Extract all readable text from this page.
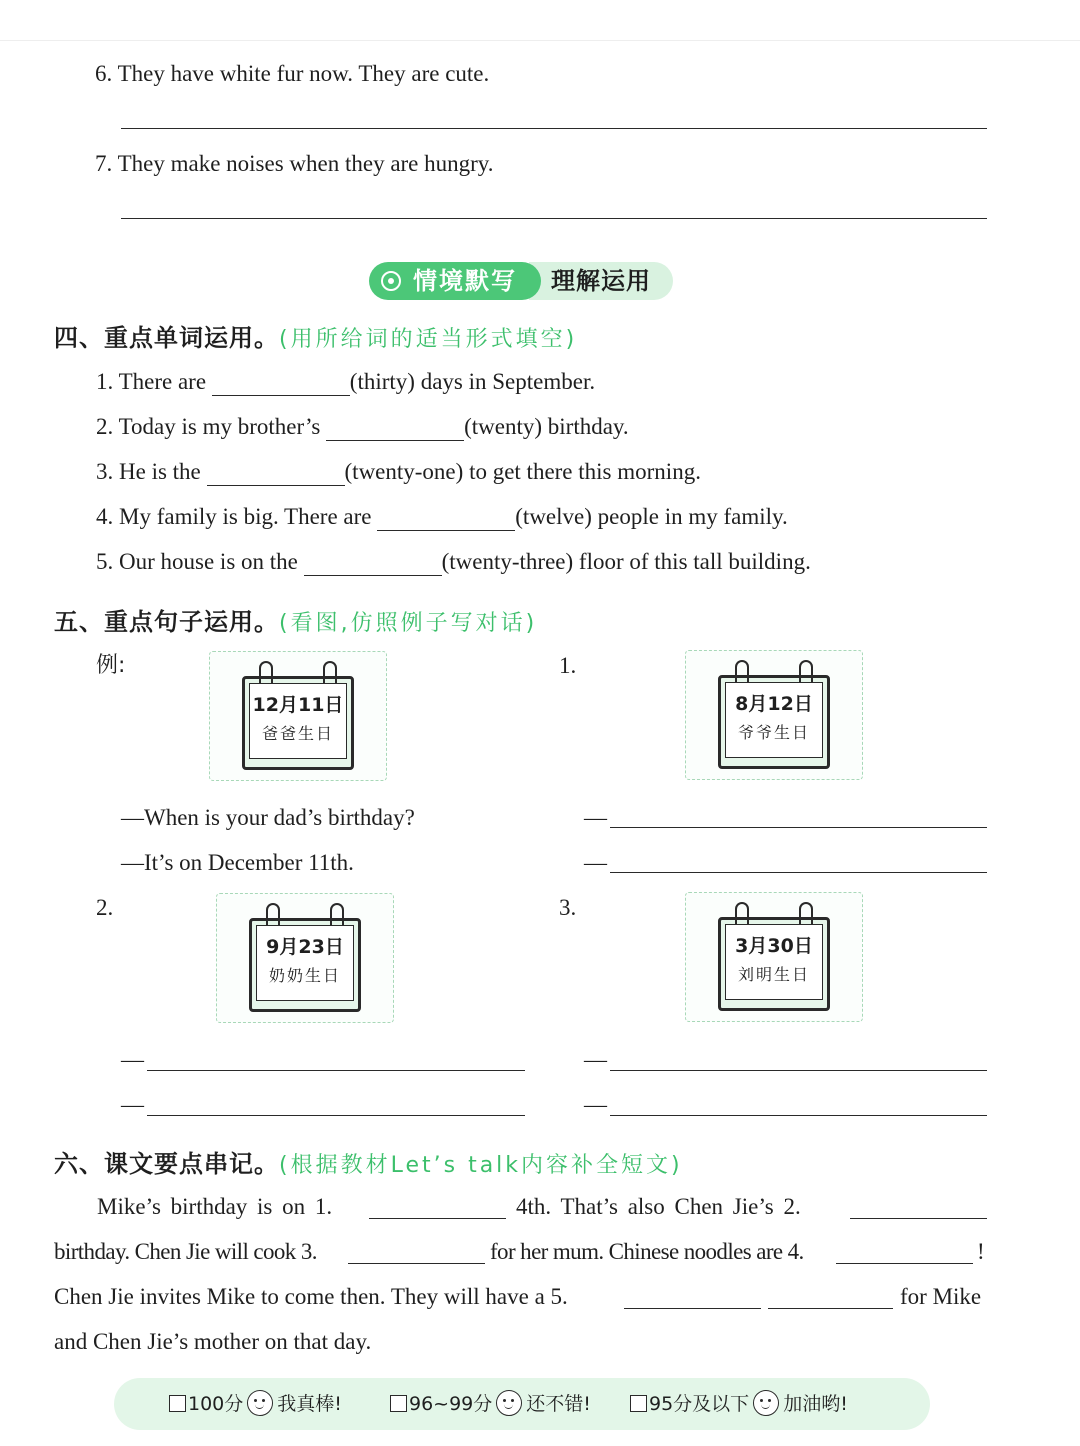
6. They have white fur now. They are cute.
7. They make noises when they are hungry.
理解运用
情境默写
四、重点单词运用。(用所给词的适当形式填空)
1. There are	(thirty) days in September.
2. Today is my brother’s	(twenty) birthday.
3. He is the	(twenty-one) to get there this morning.
4. My family is big. There are	(twelve) people in my family.
5. Our house is on the	(twenty-three) floor of this tall building.
五、重点句子运用。(看图,仿照例子写对话)
例:	1.
2.	3.
12月11日
爸爸生日
8月12日
爷爷生日
9月23日
奶奶生日
3月30日
刘明生日
—When is your dad’s birthday?
—It’s on December 11th.
—
—
—
—
—
—
六、课文要点串记。(根据教材Let’s talk内容补全短文)
Mike’s birthday is on 1.	4th. That’s also Chen Jie’s 2.
birthday. Chen Jie will cook 3.	for her mum. Chinese noodles are 4.	!
Chen Jie invites Mike to come then. They will have a 5.	for Mike
and Chen Jie’s mother on that day.
100分 我真棒!	96~99分 还不错!	95分及以下 加油哟!
